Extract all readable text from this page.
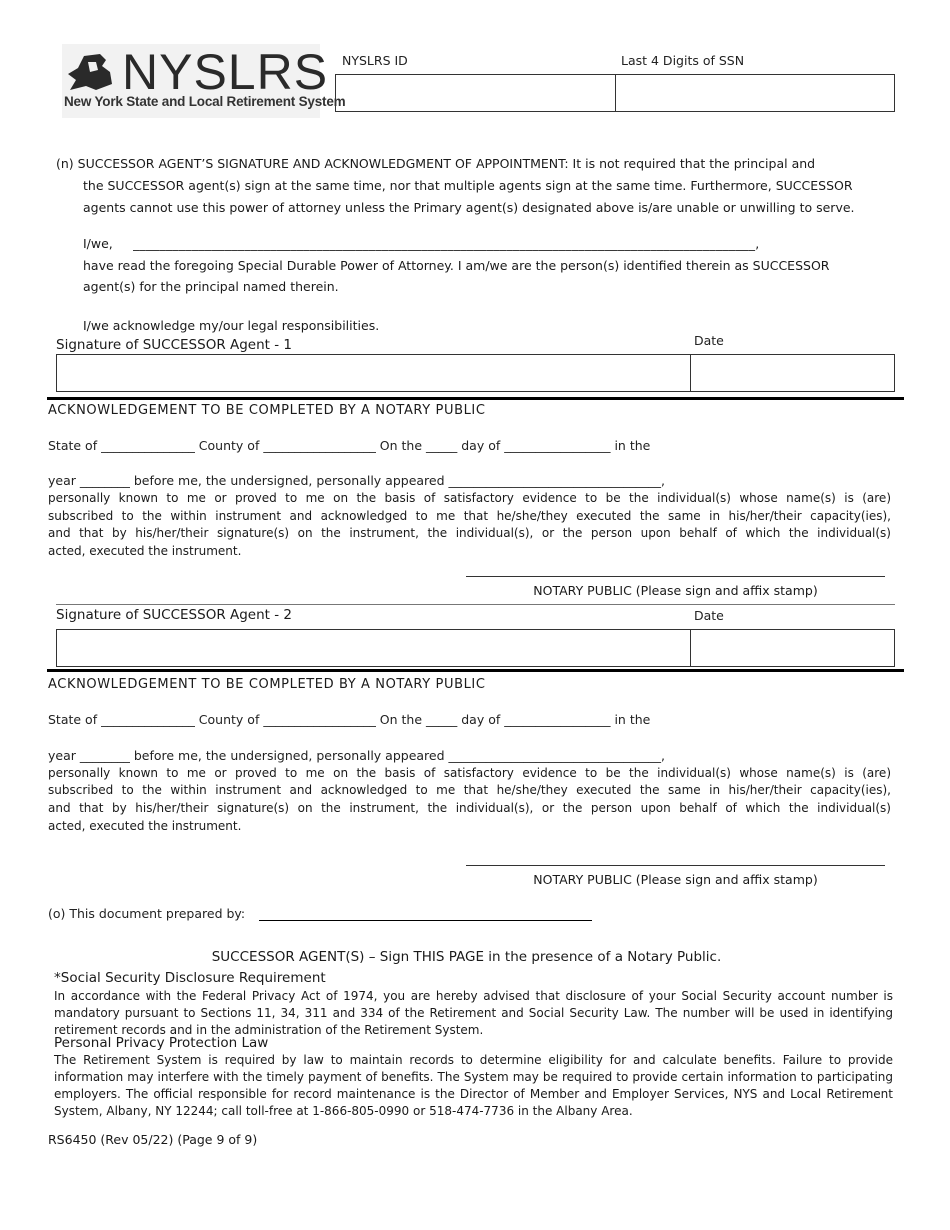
NYSLRS
New York State and Local Retirement System
NYSLRS ID	Last 4 Digits of SSN
(n) SUCCESSOR AGENT’S SIGNATURE AND ACKNOWLEDGMENT OF APPOINTMENT: It is not required that the principal and
the SUCCESSOR agent(s) sign at the same time, nor that multiple agents sign at the same time. Furthermore, SUCCESSOR
agents cannot use this power of attorney unless the Primary agent(s) designated above is/are unable or unwilling to serve.
I/we, _______________________________________________________________________________________________,
have read the foregoing Special Durable Power of Attorney. I am/we are the person(s) identified therein as SUCCESSOR
agent(s) for the principal named therein.
I/we acknowledge my/our legal responsibilities.
Signature of SUCCESSOR Agent - 1	Date
ACKNOWLEDGEMENT TO BE COMPLETED BY A NOTARY PUBLIC
State of _______________ County of __________________ On the _____ day of _________________ in the
year ________ before me, the undersigned, personally appeared __________________________________,
personally known to me or proved to me on the basis of satisfactory evidence to be the individual(s) whose name(s) is (are)
subscribed to the within instrument and acknowledged to me that he/she/they executed the same in his/her/their capacity(ies),
and that by his/her/their signature(s) on the instrument, the individual(s), or the person upon behalf of which the individual(s)
acted, executed the instrument.
NOTARY PUBLIC (Please sign and affix stamp)
Signature of SUCCESSOR Agent - 2	Date
ACKNOWLEDGEMENT TO BE COMPLETED BY A NOTARY PUBLIC
State of _______________ County of __________________ On the _____ day of _________________ in the
year ________ before me, the undersigned, personally appeared __________________________________,
personally known to me or proved to me on the basis of satisfactory evidence to be the individual(s) whose name(s) is (are)
subscribed to the within instrument and acknowledged to me that he/she/they executed the same in his/her/their capacity(ies),
and that by his/her/their signature(s) on the instrument, the individual(s), or the person upon behalf of which the individual(s)
acted, executed the instrument.
NOTARY PUBLIC (Please sign and affix stamp)
(o) This document prepared by:
SUCCESSOR AGENT(S) – Sign THIS PAGE in the presence of a Notary Public.
*Social Security Disclosure Requirement
In accordance with the Federal Privacy Act of 1974, you are hereby advised that disclosure of your Social Security account number is mandatory pursuant to Sections 11, 34, 311 and 334 of the Retirement and Social Security Law. The number will be used in identifying retirement records and in the administration of the Retirement System.
Personal Privacy Protection Law
The Retirement System is required by law to maintain records to determine eligibility for and calculate benefits. Failure to provide information may interfere with the timely payment of benefits. The System may be required to provide certain information to participating employers. The official responsible for record maintenance is the Director of Member and Employer Services, NYS and Local Retirement System, Albany, NY 12244; call toll-free at 1-866-805-0990 or 518-474-7736 in the Albany Area.
RS6450 (Rev 05/22) (Page 9 of 9)
